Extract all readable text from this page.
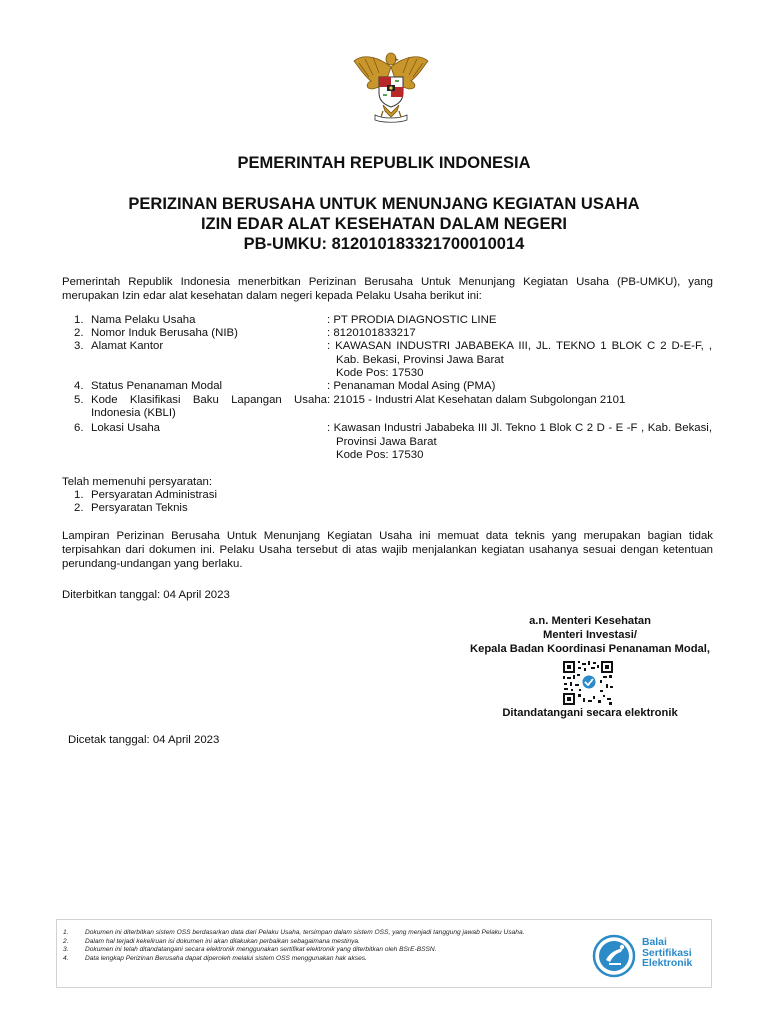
PEMERINTAH REPUBLIK INDONESIA
PERIZINAN BERUSAHA UNTUK MENUNJANG KEGIATAN USAHA
IZIN EDAR ALAT KESEHATAN DALAM NEGERI
PB-UMKU: 812010183321700010014
Pemerintah Republik Indonesia menerbitkan Perizinan Berusaha Untuk Menunjang Kegiatan Usaha (PB-UMKU), yang merupakan Izin edar alat kesehatan dalam negeri kepada Pelaku Usaha berikut ini:
1. Nama Pelaku Usaha	: PT PRODIA DIAGNOSTIC LINE
2. Nomor Induk Berusaha (NIB)	: 8120101833217
3. Alamat Kantor	: KAWASAN INDUSTRI JABABEKA III, JL. TEKNO 1 BLOK C 2 D-E-F, ,
Kab. Bekasi, Provinsi Jawa Barat
Kode Pos: 17530
4. Status Penanaman Modal	: Penanaman Modal Asing (PMA)
5. Kode Klasifikasi Baku Lapangan Usaha
Indonesia (KBLI)
: 21015 - Industri Alat Kesehatan dalam Subgolongan 2101
6. Lokasi Usaha	: Kawasan Industri Jababeka III Jl. Tekno 1 Blok C 2 D - E -F , Kab. Bekasi,
Provinsi Jawa Barat
Kode Pos: 17530
Telah memenuhi persyaratan:
1. Persyaratan Administrasi
2. Persyaratan Teknis
Lampiran Perizinan Berusaha Untuk Menunjang Kegiatan Usaha ini memuat data teknis yang merupakan bagian tidak terpisahkan dari dokumen ini. Pelaku Usaha tersebut di atas wajib menjalankan kegiatan usahanya sesuai dengan ketentuan perundang-undangan yang berlaku.
Diterbitkan tanggal: 04 April 2023
a.n. Menteri Kesehatan
Menteri Investasi/
Kepala Badan Koordinasi Penanaman Modal,
Ditandatangani secara elektronik
Dicetak tanggal: 04 April 2023
1.	Dokumen ini diterbitkan sistem OSS berdasarkan data dari Pelaku Usaha, tersimpan dalam sistem OSS, yang menjadi tanggung jawab Pelaku Usaha.
2.	Dalam hal terjadi kekeliruan isi dokumen ini akan dilakukan perbaikan sebagaimana mestinya.
3.	Dokumen ini telah ditandatangani secara elektronik menggunakan sertifikat elektronik yang diterbitkan oleh BSrE-BSSN.
4.	Data lengkap Perizinan Berusaha dapat diperoleh melalui sistem OSS menggunakan hak akses.
Balai
Sertifikasi
Elektronik
